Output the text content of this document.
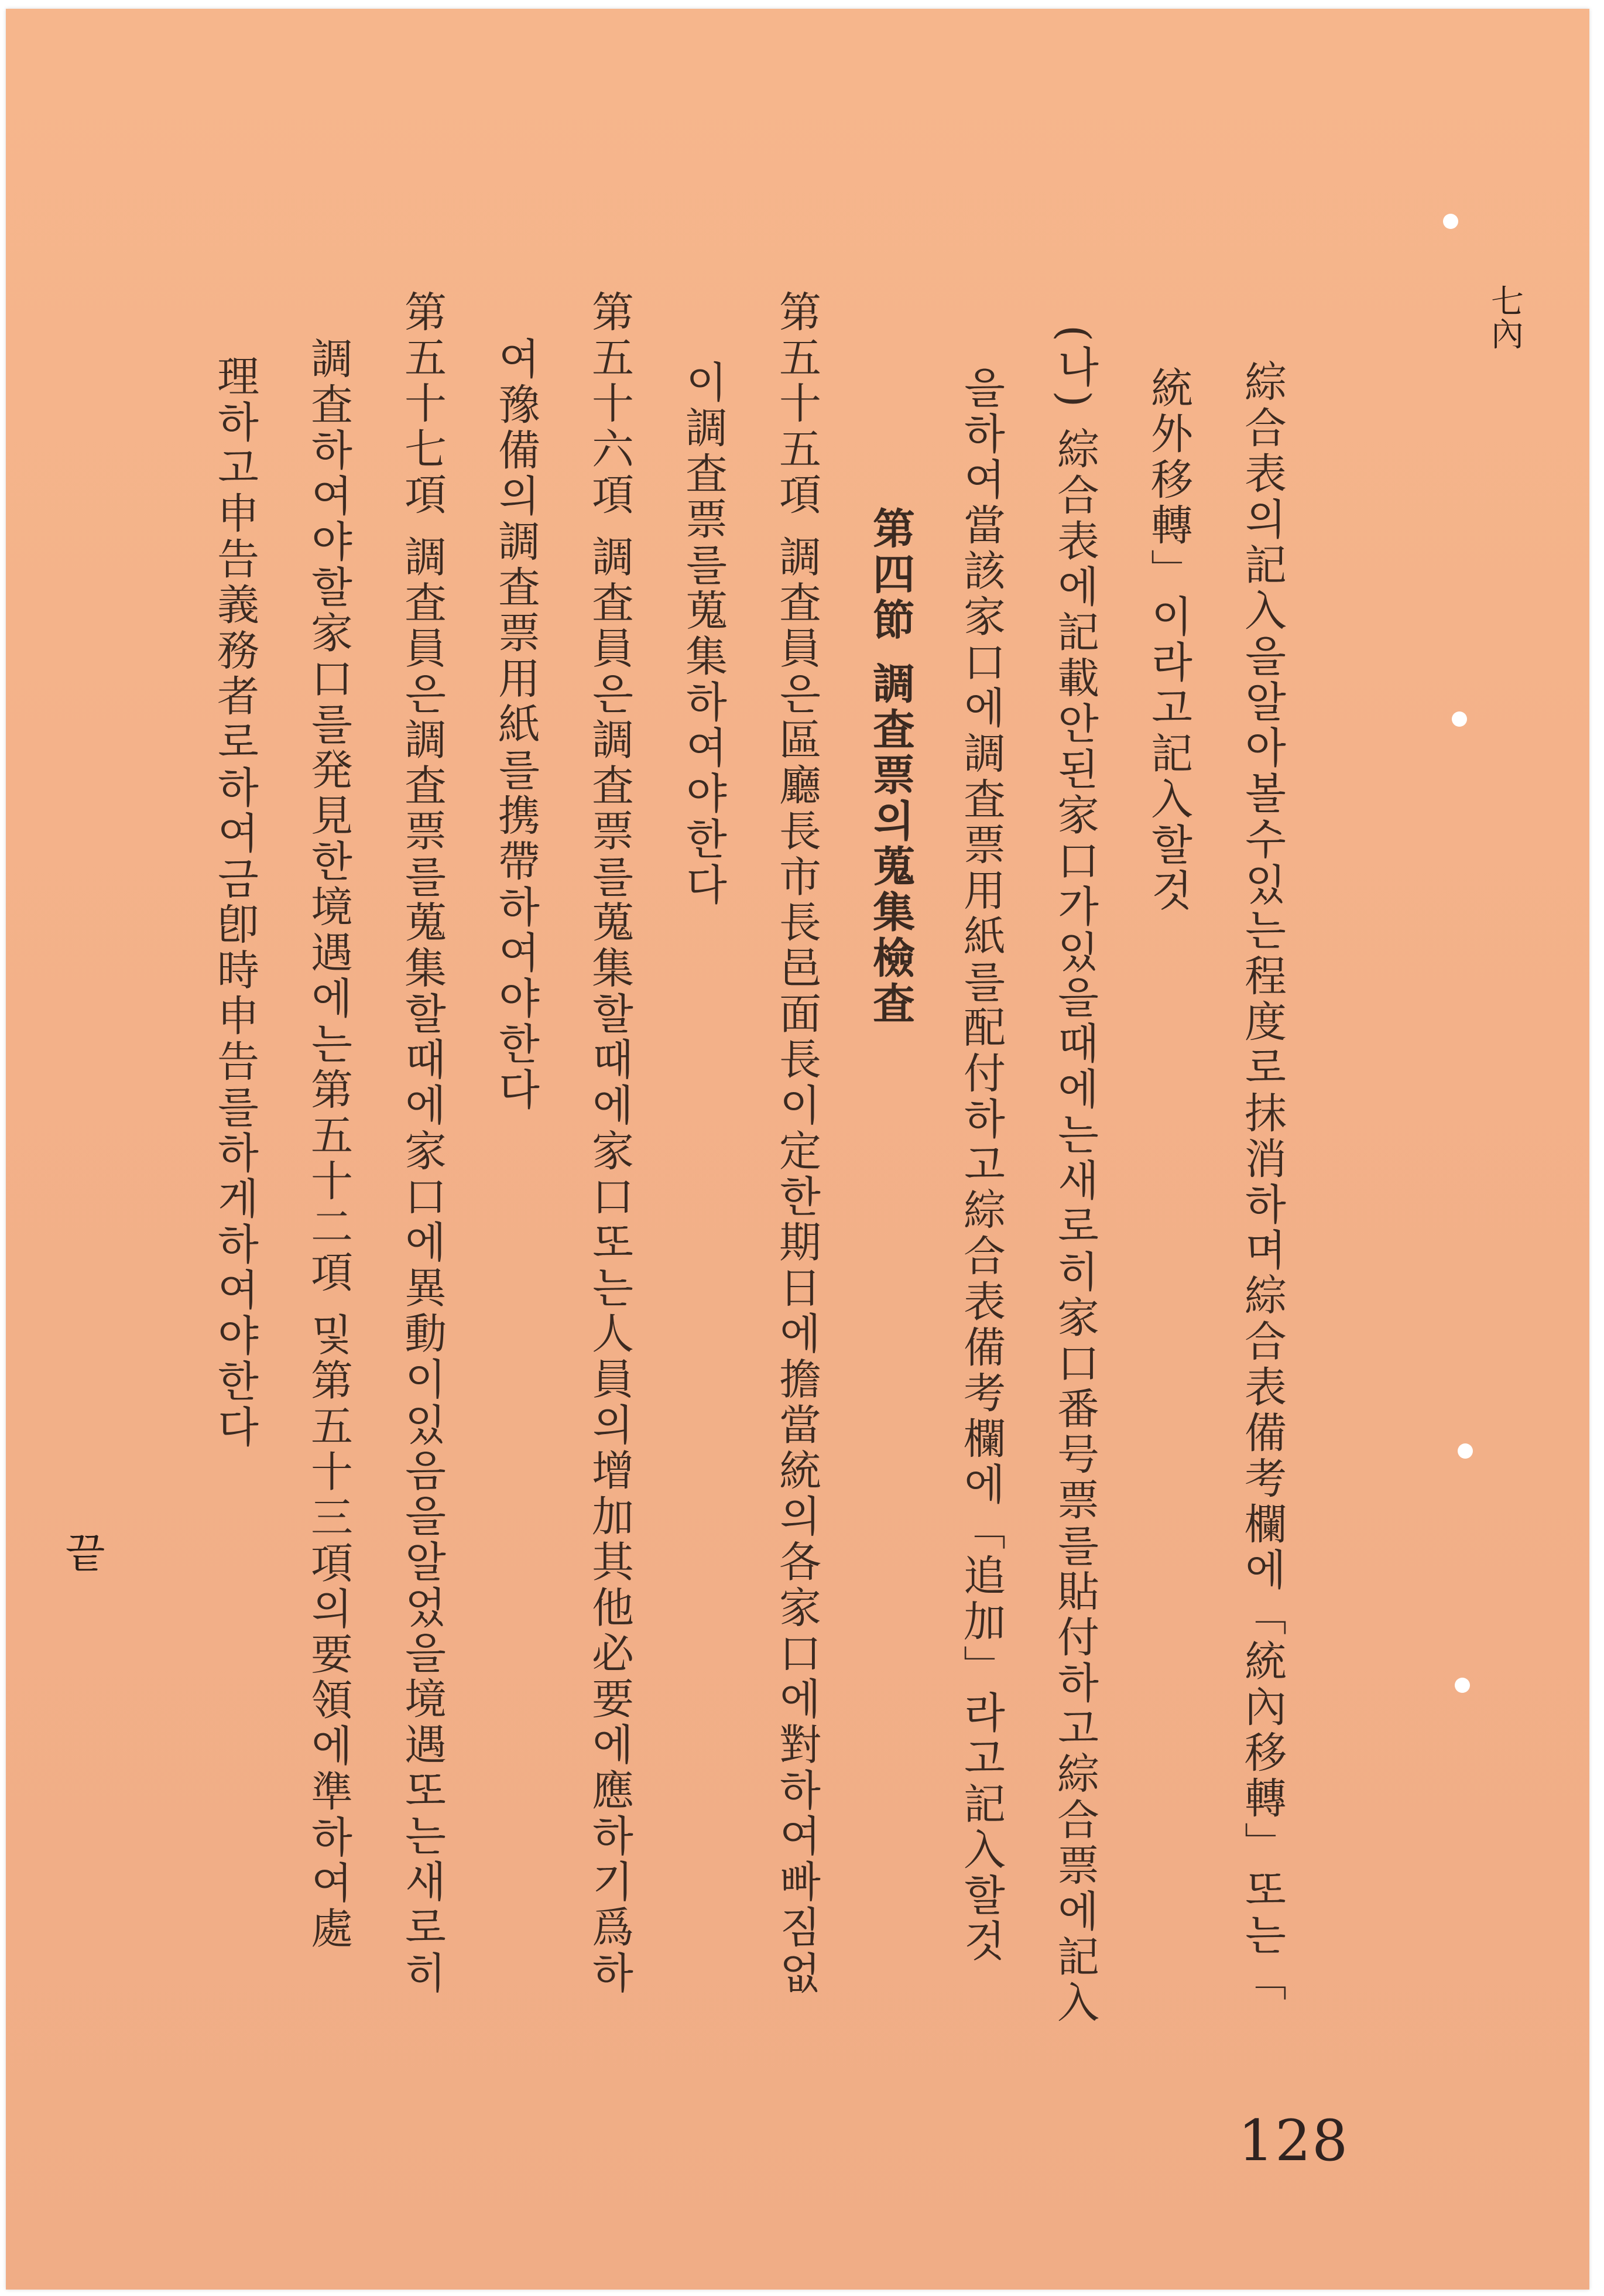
七內
綜合表의記入을알아볼수있는程度로抹消하며綜合表備考欄에「統內移轉」또는「
統外移轉」이라고記入할것
(나) 綜合表에記載안된家口가있을때에는새로히家口番号票를貼付하고綜合票에記入
을하여當該家口에調査票用紙를配付하고綜合表備考欄에「追加」라고記入할것
第四節 調査票의蒐集檢査
第五十五項 調査員은區廳長市長邑面長이定한期日에擔當統의各家口에對하여빠짐없
이調査票를蒐集하여야한다
第五十六項 調査員은調査票를蒐集할때에家口또는人員의增加其他必要에應하기爲하
여豫備의調査票用紙를携帶하여야한다
第五十七項 調査員은調査票를蒐集할때에家口에異動이있음을알었을境遇또는새로히
調査하여야할家口를発見한境遇에는第五十二項 및第五十三項의要領에準하여處
理하고申告義務者로하여금卽時申告를하게하여야한다
끝
128
